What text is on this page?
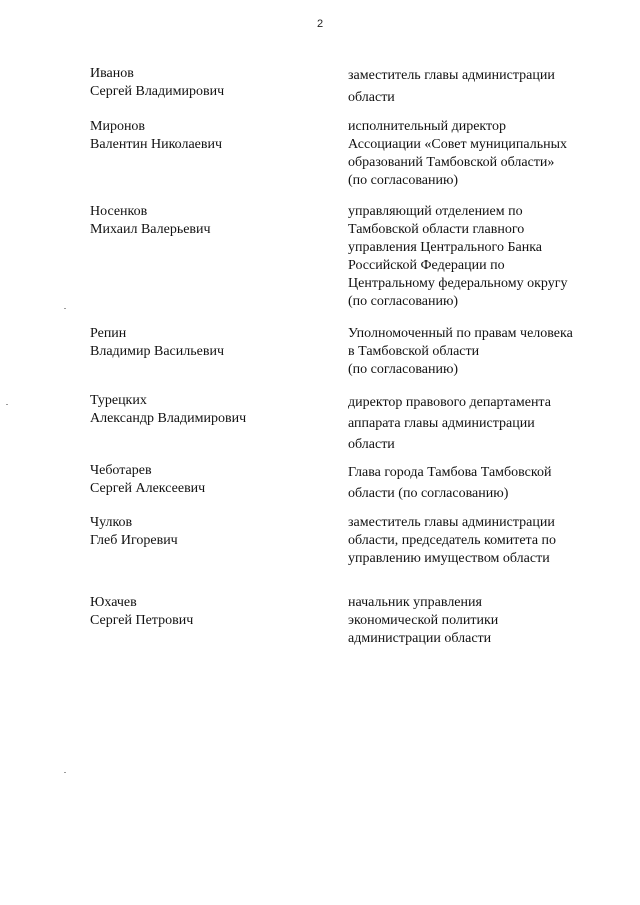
2
Иванов
Сергей Владимирович
заместитель главы администрации
области
Миронов
Валентин Николаевич
исполнительный директор
Ассоциации «Совет муниципальных
образований Тамбовской области»
(по согласованию)
Носенков
Михаил Валерьевич
управляющий отделением по
Тамбовской области главного
управления Центрального Банка
Российской Федерации по
Центральному федеральному округу
(по согласованию)
Репин
Владимир Васильевич
Уполномоченный по правам человека
в Тамбовской области
(по согласованию)
Турецких
Александр Владимирович
директор правового департамента
аппарата главы администрации
области
Чеботарев
Сергей Алексеевич
Глава города Тамбова Тамбовской
области (по согласованию)
Чулков
Глеб Игоревич
заместитель главы администрации
области, председатель комитета по
управлению имуществом области
Юхачев
Сергей Петрович
начальник управления
экономической политики
администрации области
